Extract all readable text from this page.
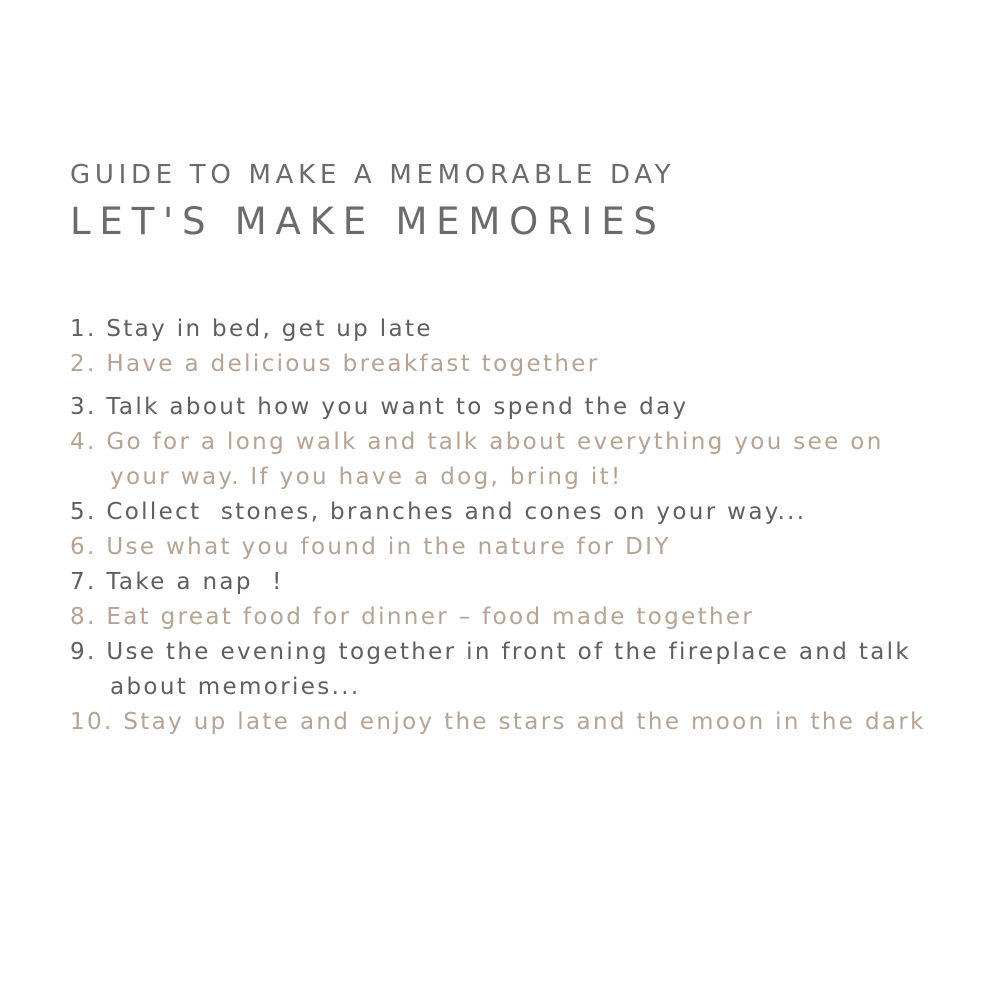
GUIDE TO MAKE A MEMORABLE DAY
LET'S MAKE MEMORIES
1. Stay in bed, get up late
2. Have a delicious breakfast together
3. Talk about how you want to spend the day
4. Go for a long walk and talk about everything you see on
your way. If you have a dog, bring it!
5. Collect  stones, branches and cones on your way...
6. Use what you found in the nature for DIY
7. Take a nap  !
8. Eat great food for dinner – food made together
9. Use the evening together in front of the fireplace and talk
about memories...
10. Stay up late and enjoy the stars and the moon in the dark
